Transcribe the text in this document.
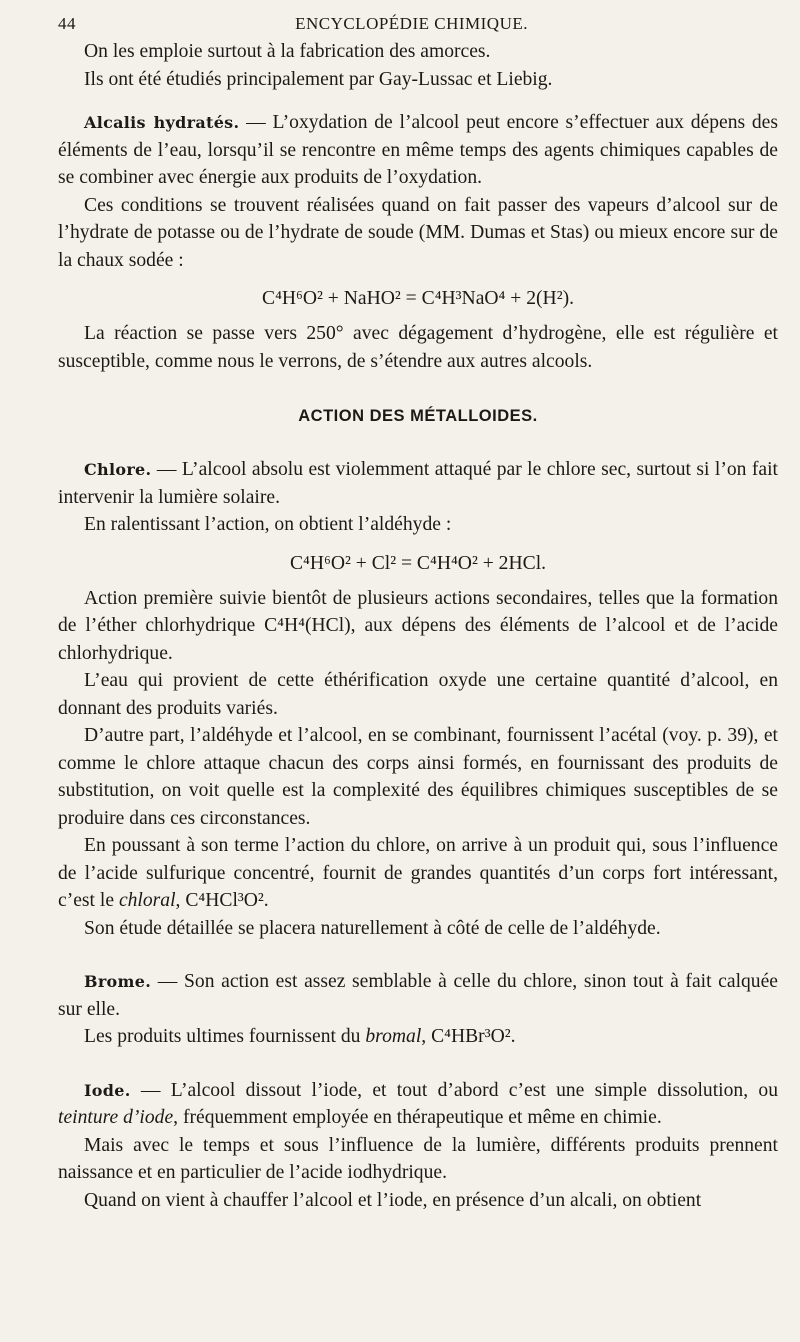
44	ENCYCLOPÉDIE CHIMIQUE.

On les emploie surtout à la fabrication des amorces.

Ils ont été étudiés principalement par Gay-Lussac et Liebig.

Alcalis hydratés. — L’oxydation de l’alcool peut encore s’effectuer aux dépens des éléments de l’eau, lorsqu’il se rencontre en même temps des agents chimiques capables de se combiner avec énergie aux produits de l’oxydation.

Ces conditions se trouvent réalisées quand on fait passer des vapeurs d’alcool sur de l’hydrate de potasse ou de l’hydrate de soude (MM. Dumas et Stas) ou mieux encore sur de la chaux sodée :

C⁴H⁶O² + NaHO² = C⁴H³NaO⁴ + 2(H²).

La réaction se passe vers 250° avec dégagement d’hydrogène, elle est régulière et susceptible, comme nous le verrons, de s’étendre aux autres alcools.

ACTION DES MÉTALLOIDES.

Chlore. — L’alcool absolu est violemment attaqué par le chlore sec, surtout si l’on fait intervenir la lumière solaire.

En ralentissant l’action, on obtient l’aldéhyde :

C⁴H⁶O² + Cl² = C⁴H⁴O² + 2HCl.

Action première suivie bientôt de plusieurs actions secondaires, telles que la formation de l’éther chlorhydrique C⁴H⁴(HCl), aux dépens des éléments de l’alcool et de l’acide chlorhydrique.

L’eau qui provient de cette éthérification oxyde une certaine quantité d’alcool, en donnant des produits variés.

D’autre part, l’aldéhyde et l’alcool, en se combinant, fournissent l’acétal (voy. p. 39), et comme le chlore attaque chacun des corps ainsi formés, en fournissant des produits de substitution, on voit quelle est la complexité des équilibres chimiques susceptibles de se produire dans ces circonstances.

En poussant à son terme l’action du chlore, on arrive à un produit qui, sous l’influence de l’acide sulfurique concentré, fournit de grandes quantités d’un corps fort intéressant, c’est le chloral, C⁴HCl³O².

Son étude détaillée se placera naturellement à côté de celle de l’aldéhyde.

Brome. — Son action est assez semblable à celle du chlore, sinon tout à fait calquée sur elle.

Les produits ultimes fournissent du bromal, C⁴HBr³O².

Iode. — L’alcool dissout l’iode, et tout d’abord c’est une simple dissolution, ou teinture d’iode, fréquemment employée en thérapeutique et même en chimie.

Mais avec le temps et sous l’influence de la lumière, différents produits prennent naissance et en particulier de l’acide iodhydrique.

Quand on vient à chauffer l’alcool et l’iode, en présence d’un alcali, on obtient
